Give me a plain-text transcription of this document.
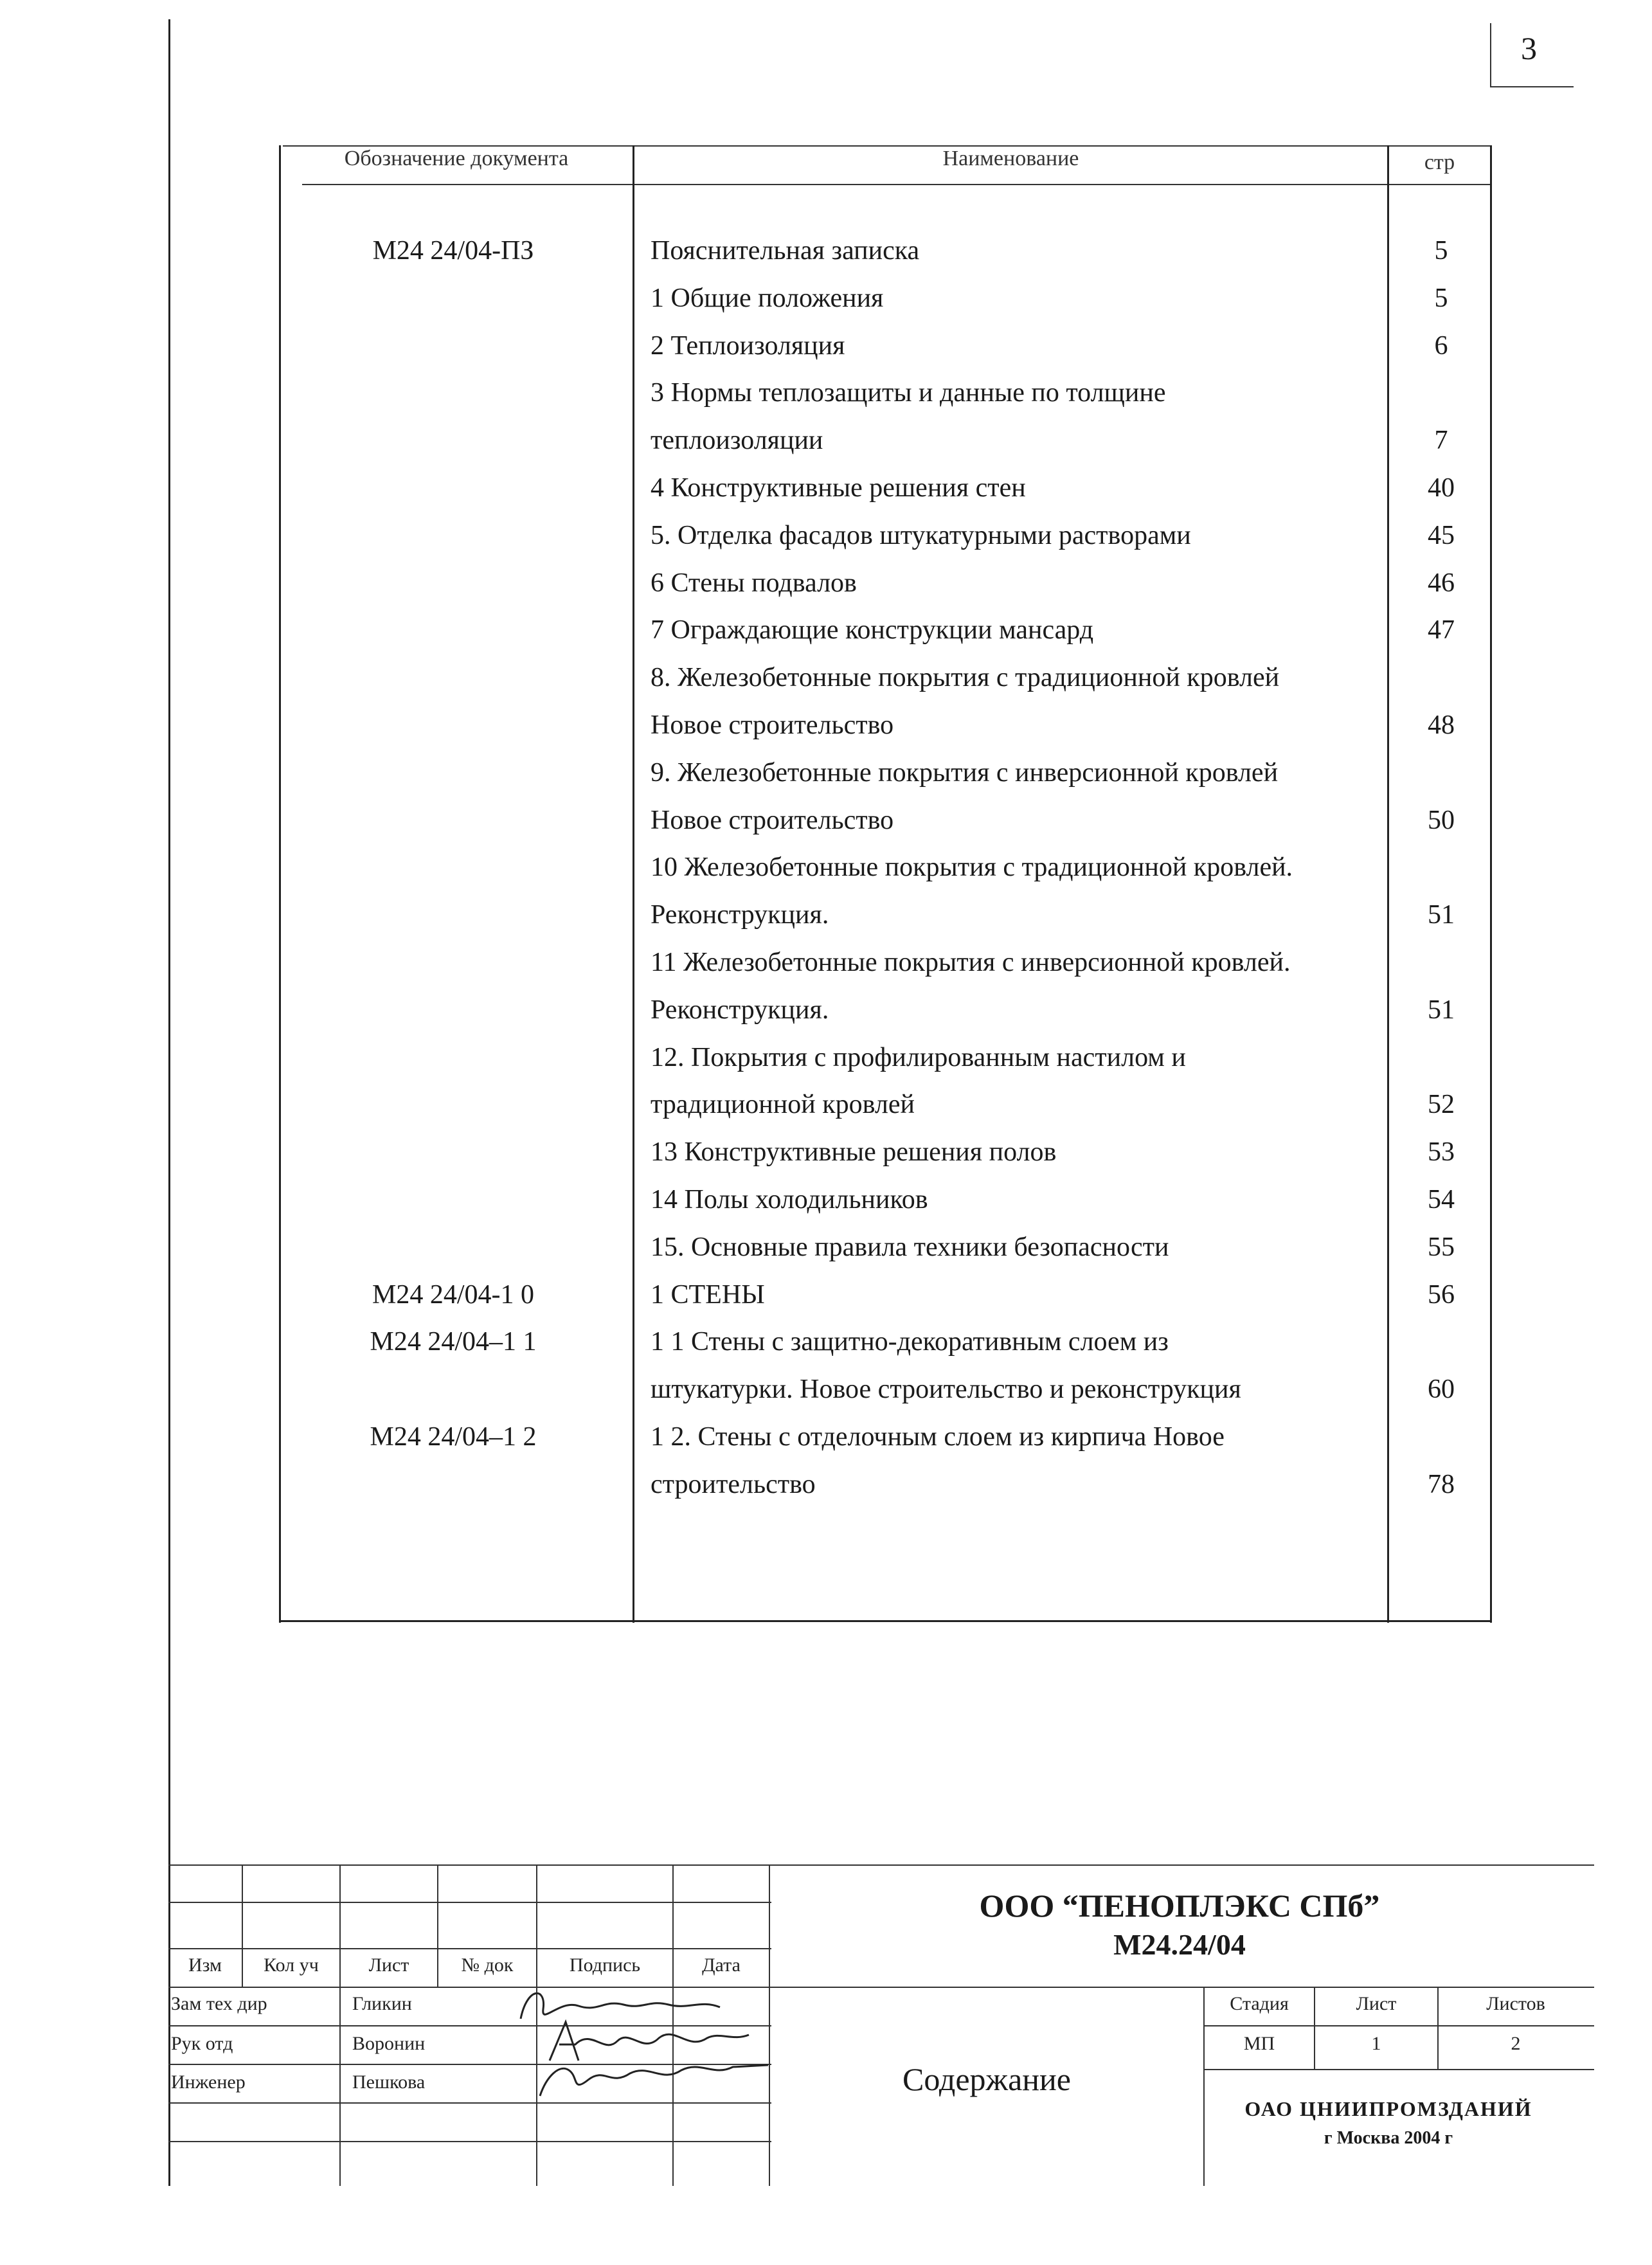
3
Обозначение документа	Наименование	стр
М24 24/04-ПЗ	Пояснительная записка	5
1 Общие положения	5
2 Теплоизоляция	6
3 Нормы теплозащиты и данные по толщине
теплоизоляции	7
4 Конструктивные решения стен	40
5. Отделка фасадов штукатурными растворами	45
6 Стены подвалов	46
7 Ограждающие конструкции мансард	47
8. Железобетонные покрытия с традиционной кровлей
Новое строительство	48
9. Железобетонные покрытия с инверсионной кровлей
Новое строительство	50
10 Железобетонные покрытия с традиционной кровлей.
Реконструкция.	51
11 Железобетонные покрытия с инверсионной кровлей.
Реконструкция.	51
12. Покрытия с профилированным настилом и
традиционной кровлей	52
13 Конструктивные решения полов	53
14 Полы холодильников	54
15. Основные правила техники безопасности	55
М24 24/04-1 0	1 СТЕНЫ	56
М24 24/04–1 1	1 1 Стены с защитно-декоративным слоем из
штукатурки. Новое строительство и реконструкция	60
М24 24/04–1 2	1 2. Стены с отделочным слоем из кирпича Новое
строительство	78
ООО “ПЕНОПЛЭКС СПб”
М24.24/04
Изм	Кол уч	Лист	№ док	Подпись	Дата
Зам тех дир	Гликин
Рук отд	Воронин
Инженер	Пешкова
Стадия	Лист	Листов
МП	1	2
Содержание
ОАО ЦНИИПРОМЗДАНИЙ
г Москва 2004 г
